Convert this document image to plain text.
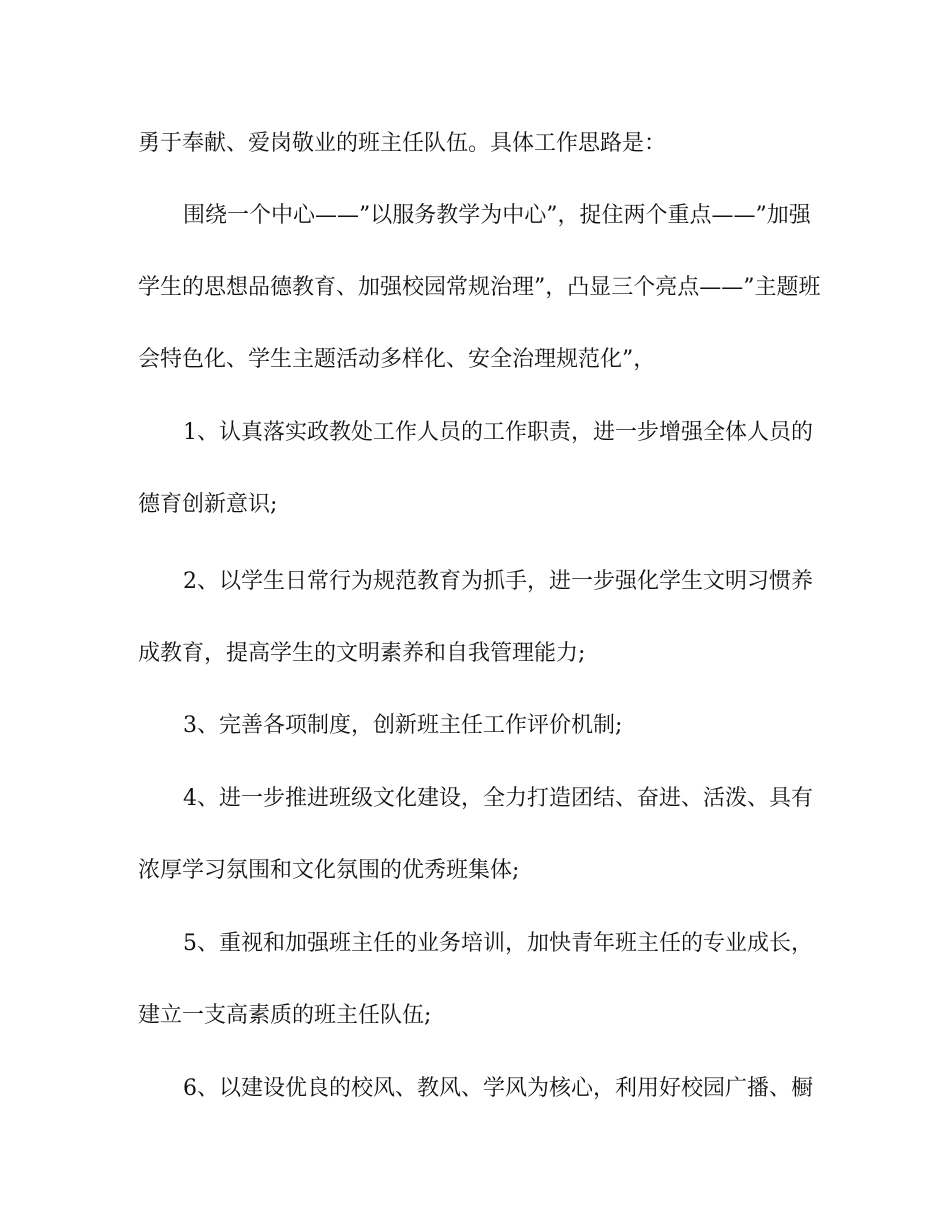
勇于奉献、爱岗敬业的班主任队伍。具体工作思路是：
围绕一个中心——”以服务教学为中心”，捉住两个重点——”加强
学生的思想品德教育、加强校园常规治理”，凸显三个亮点——”主题班
会特色化、学生主题活动多样化、安全治理规范化”，
1、认真落实政教处工作人员的工作职责，进一步增强全体人员的
德育创新意识;
2、以学生日常行为规范教育为抓手，进一步强化学生文明习惯养
成教育，提高学生的文明素养和自我管理能力;
3、完善各项制度，创新班主任工作评价机制;
4、进一步推进班级文化建设，全力打造团结、奋进、活泼、具有
浓厚学习氛围和文化氛围的优秀班集体;
5、重视和加强班主任的业务培训，加快青年班主任的专业成长，
建立一支高素质的班主任队伍;
6、以建设优良的校风、教风、学风为核心，利用好校园广播、橱
